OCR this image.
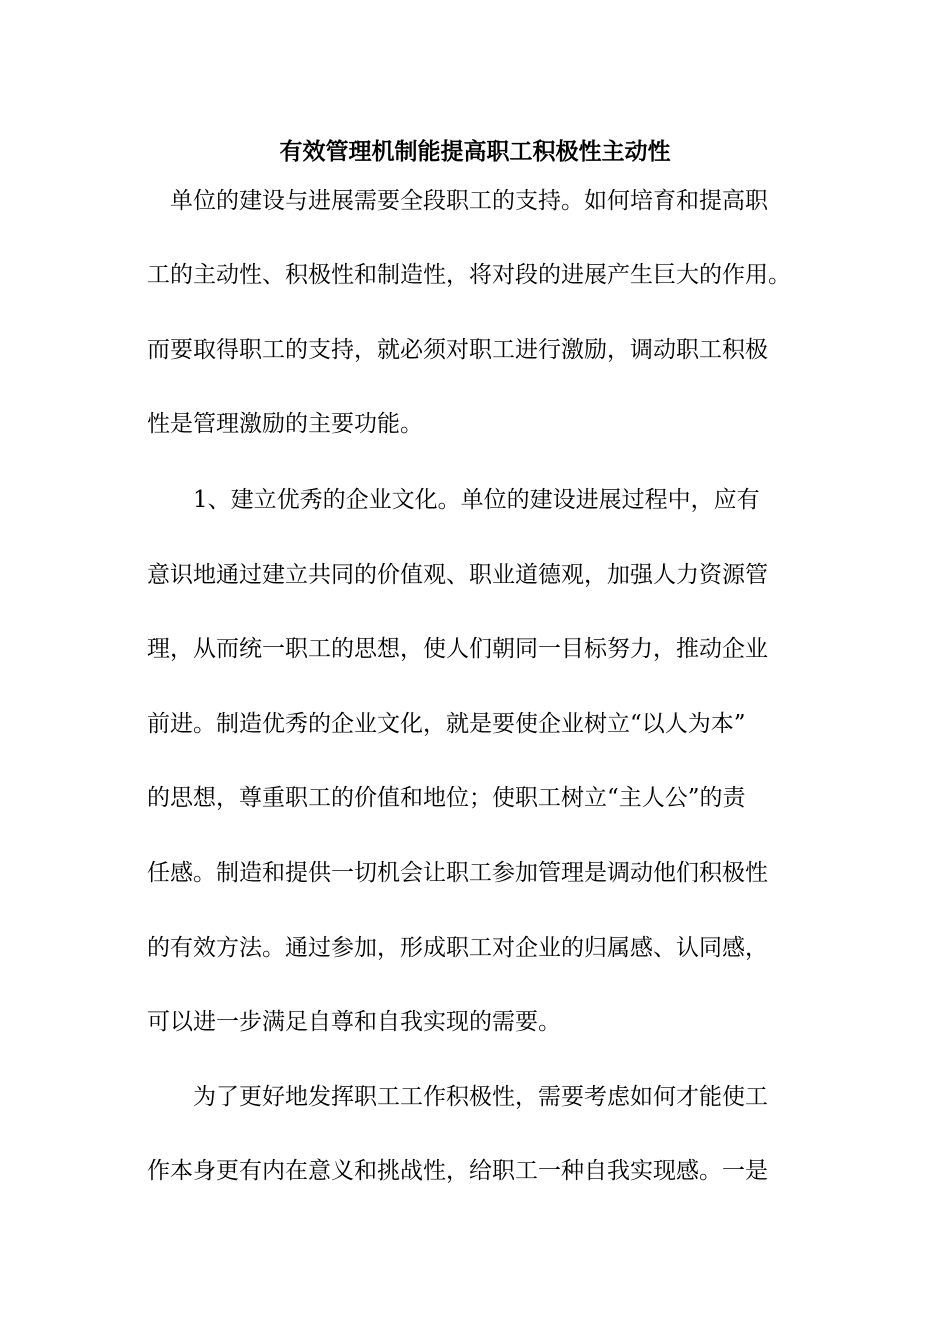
有效管理机制能提高职工积极性主动性
　单位的建设与进展需要全段职工的支持。如何培育和提高职
工的主动性、积极性和制造性，将对段的进展产生巨大的作用。
而要取得职工的支持，就必须对职工进行激励，调动职工积极
性是管理激励的主要功能。
　　1、建立优秀的企业文化。单位的建设进展过程中，应有
意识地通过建立共同的价值观、职业道德观，加强人力资源管
理，从而统一职工的思想，使人们朝同一目标努力，推动企业
前进。制造优秀的企业文化，就是要使企业树立“以人为本”
的思想，尊重职工的价值和地位；使职工树立“主人公”的责
任感。制造和提供一切机会让职工参加管理是调动他们积极性
的有效方法。通过参加，形成职工对企业的归属感、认同感，
可以进一步满足自尊和自我实现的需要。
　　为了更好地发挥职工工作积极性，需要考虑如何才能使工
作本身更有内在意义和挑战性，给职工一种自我实现感。一是
